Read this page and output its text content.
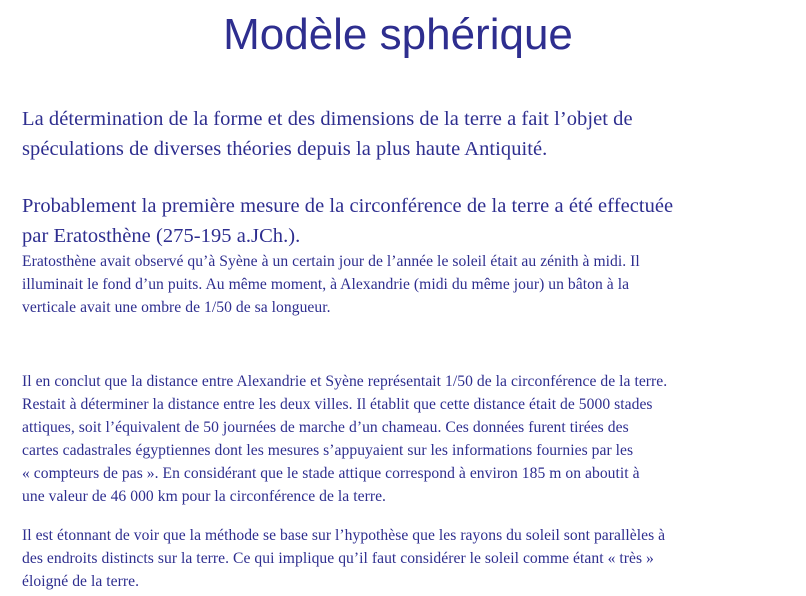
Modèle sphérique

La détermination de la forme et des dimensions de la terre a fait l’objet de
spéculations de diverses théories depuis la plus haute Antiquité.

Probablement la première mesure de la circonférence de la terre a été effectuée
par Eratosthène (275-195 a.JCh.).

Eratosthène avait observé qu’à Syène à un certain jour de l’année le soleil était au zénith à midi. Il
illuminait le fond d’un puits. Au même moment, à Alexandrie (midi du même jour) un bâton à la
verticale avait une ombre de 1/50 de sa longueur.

Il en conclut que la distance entre Alexandrie et Syène représentait 1/50 de la circonférence de la terre.
Restait à déterminer la distance entre les deux villes. Il établit que cette distance était de 5000 stades
attiques, soit l’équivalent de 50 journées de marche d’un chameau. Ces données furent tirées des
cartes cadastrales égyptiennes dont les mesures s’appuyaient sur les informations fournies par les
« compteurs de pas ». En considérant que le stade attique correspond à environ 185 m on aboutit à
une valeur de 46 000 km pour la circonférence de la terre.

Il est étonnant de voir que la méthode se base sur l’hypothèse que les rayons du soleil sont parallèles à
des endroits distincts sur la terre. Ce qui implique qu’il faut considérer le soleil comme étant « très »
éloigné de la terre.
